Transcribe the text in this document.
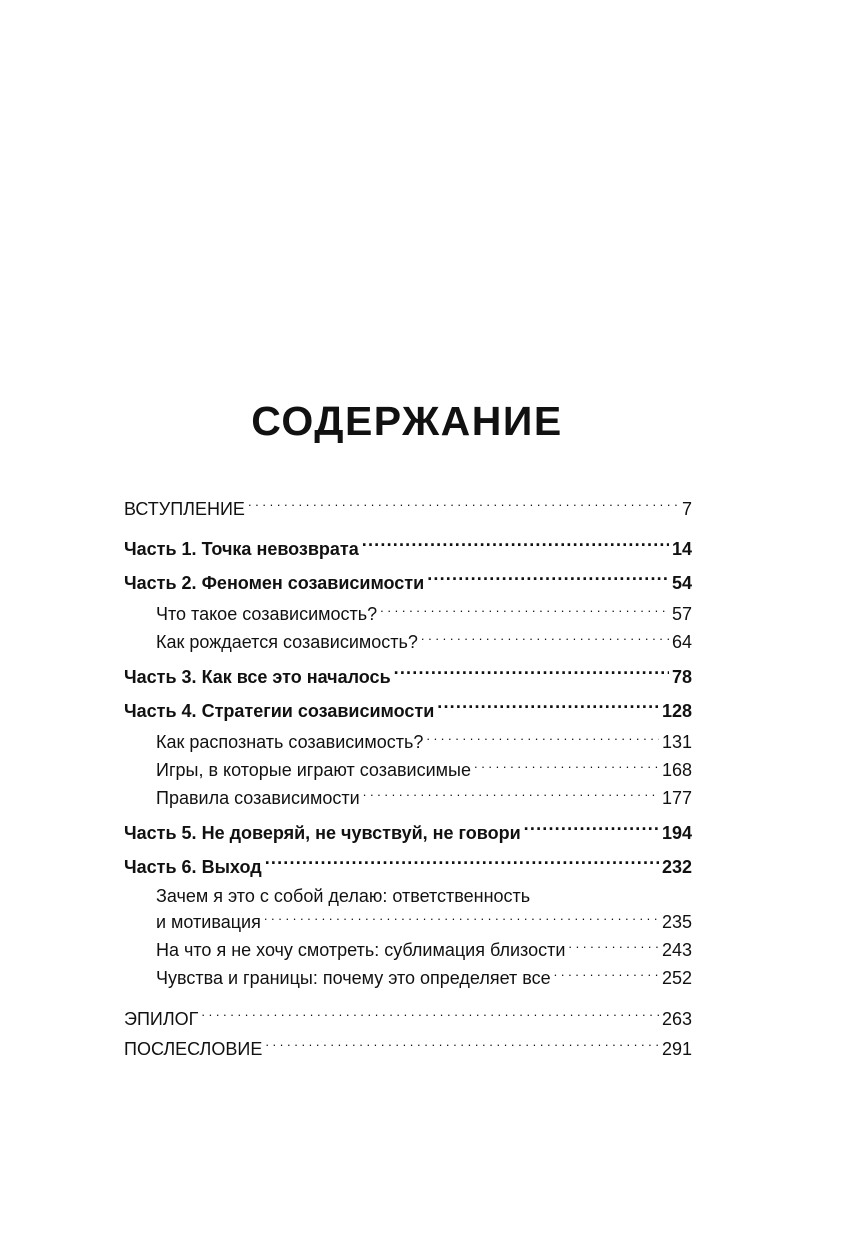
СОДЕРЖАНИЕ
ВСТУПЛЕНИЕ . . .	7
Часть 1. Точка невозврата .....	14
Часть 2. Феномен созависимости .....	54
Что такое созависимость? . . .	57
Как рождается созависимость? . . .	64
Часть 3. Как все это началось .....	78
Часть 4. Стратегии созависимости .....	128
Как распознать созависимость? . . .	131
Игры, в которые играют созависимые . . .	168
Правила созависимости . . .	177
Часть 5. Не доверяй, не чувствуй, не говори .....	194
Часть 6. Выход .....	232
Зачем я это с собой делаю: ответственность
и мотивация . . .	235
На что я не хочу смотреть: сублимация близости . . .	243
Чувства и границы: почему это определяет все . . .	252
ЭПИЛОГ . . .	263
ПОСЛЕСЛОВИЕ . . .	291
